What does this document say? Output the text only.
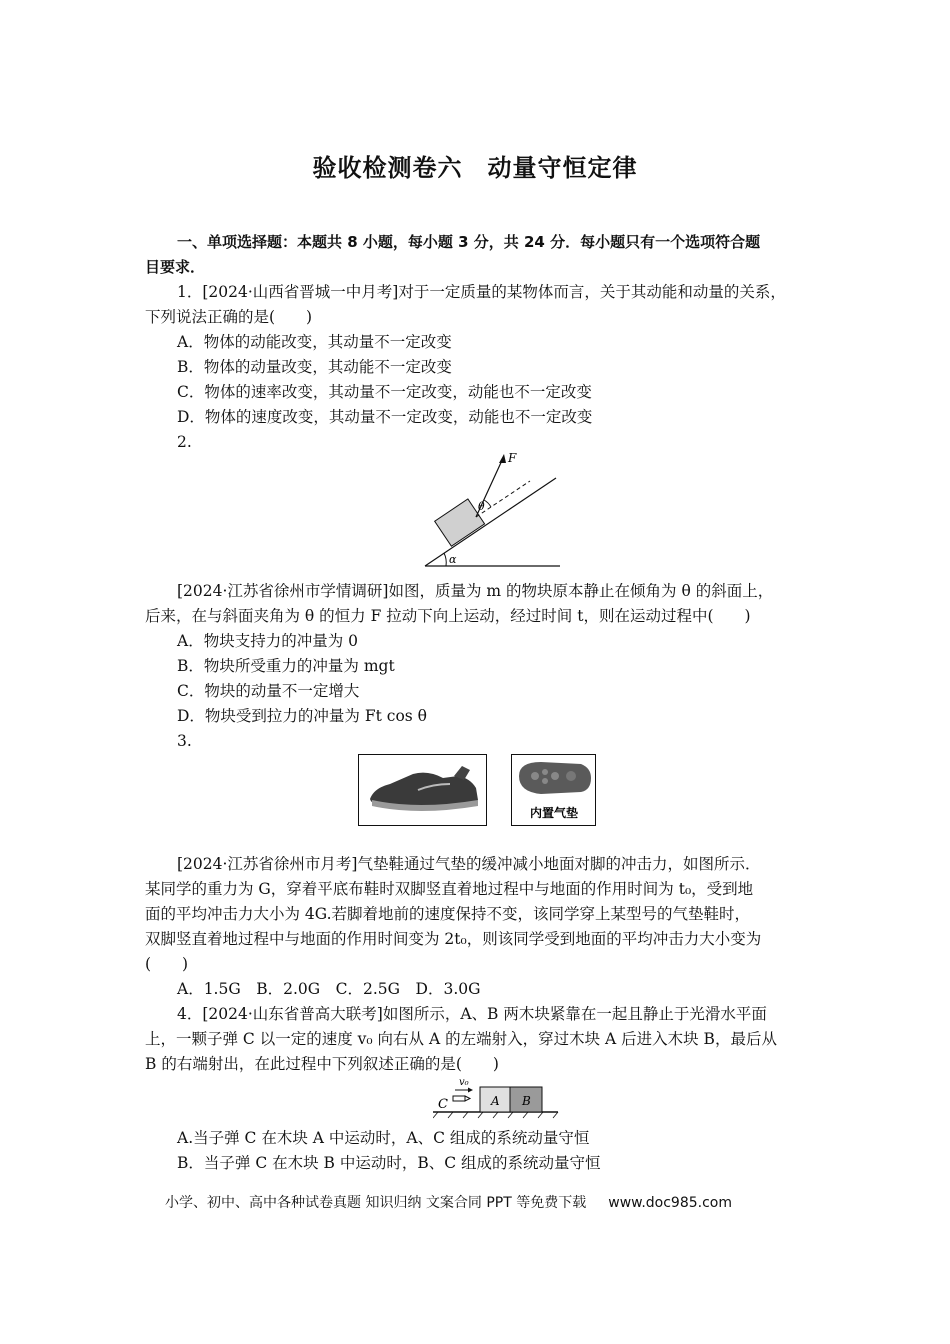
验收检测卷六　动量守恒定律
一、单项选择题：本题共 8 小题，每小题 3 分，共 24 分．每小题只有一个选项符合题
目要求．
1．[2024·山西省晋城一中月考]对于一定质量的某物体而言，关于其动能和动量的关系，
下列说法正确的是(　　)
A．物体的动能改变，其动量不一定改变
B．物体的动量改变，其动能不一定改变
C．物体的速率改变，其动量不一定改变，动能也不一定改变
D．物体的速度改变，其动量不一定改变，动能也不一定改变
2.
α
θ
F
[2024·江苏省徐州市学情调研]如图，质量为 m 的物块原本静止在倾角为 θ 的斜面上，
后来，在与斜面夹角为 θ 的恒力 F 拉动下向上运动，经过时间 t，则在运动过程中(　　)
A．物块支持力的冲量为 0
B．物块所受重力的冲量为 mgt
C．物块的动量不一定增大
D．物块受到拉力的冲量为 Ft cos θ
3.
内置气垫
[2024·江苏省徐州市月考]气垫鞋通过气垫的缓冲减小地面对脚的冲击力，如图所示．
某同学的重力为 G，穿着平底布鞋时双脚竖直着地过程中与地面的作用时间为 t₀，受到地
面的平均冲击力大小为 4G.若脚着地前的速度保持不变，该同学穿上某型号的气垫鞋时，
双脚竖直着地过程中与地面的作用时间变为 2t₀，则该同学受到地面的平均冲击力大小变为
(　　)
A．1.5G　B．2.0G　C．2.5G　D．3.0G
4．[2024·山东省普高大联考]如图所示，A、B 两木块紧靠在一起且静止于光滑水平面
上，一颗子弹 C 以一定的速度 v₀ 向右从 A 的左端射入，穿过木块 A 后进入木块 B，最后从
B 的右端射出，在此过程中下列叙述正确的是(　　)
A B
v₀
C
A.当子弹 C 在木块 A 中运动时，A、C 组成的系统动量守恒
B．当子弹 C 在木块 B 中运动时，B、C 组成的系统动量守恒
小学、初中、高中各种试卷真题 知识归纳 文案合同 PPT 等免费下载 www.doc985.com
